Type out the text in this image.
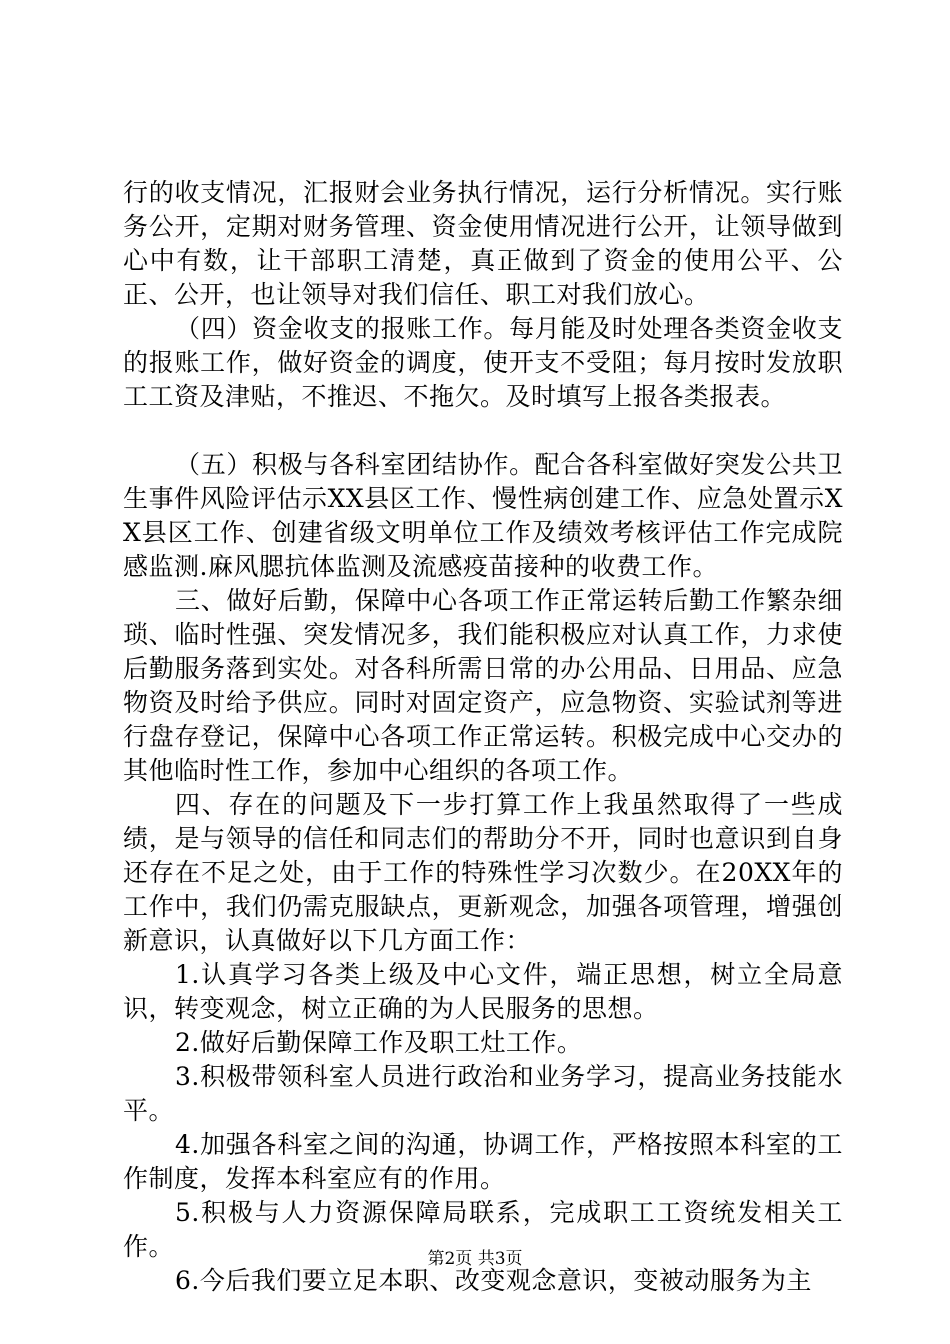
行的收支情况，汇报财会业务执行情况，运行分析情况。实行账务公开，定期对财务管理、资金使用情况进行公开，让领导做到心中有数，让干部职工清楚，真正做到了资金的使用公平、公正、公开，也让领导对我们信任、职工对我们放心。

（四）资金收支的报账工作。每月能及时处理各类资金收支的报账工作，做好资金的调度，使开支不受阻；每月按时发放职工工资及津贴，不推迟、不拖欠。及时填写上报各类报表。

（五）积极与各科室团结协作。配合各科室做好突发公共卫生事件风险评估示XX县区工作、慢性病创建工作、应急处置示XX县区工作、创建省级文明单位工作及绩效考核评估工作完成院感监测.麻风腮抗体监测及流感疫苗接种的收费工作。

三、做好后勤，保障中心各项工作正常运转后勤工作繁杂细琐、临时性强、突发情况多，我们能积极应对认真工作，力求使后勤服务落到实处。对各科所需日常的办公用品、日用品、应急物资及时给予供应。同时对固定资产，应急物资、实验试剂等进行盘存登记，保障中心各项工作正常运转。积极完成中心交办的其他临时性工作，参加中心组织的各项工作。

四、存在的问题及下一步打算工作上我虽然取得了一些成绩，是与领导的信任和同志们的帮助分不开，同时也意识到自身还存在不足之处，由于工作的特殊性学习次数少。在20XX年的工作中，我们仍需克服缺点，更新观念，加强各项管理，增强创新意识，认真做好以下几方面工作：

1.认真学习各类上级及中心文件，端正思想，树立全局意识，转变观念，树立正确的为人民服务的思想。

2.做好后勤保障工作及职工灶工作。

3.积极带领科室人员进行政治和业务学习，提高业务技能水平。

4.加强各科室之间的沟通，协调工作，严格按照本科室的工作制度，发挥本科室应有的作用。

5.积极与人力资源保障局联系，完成职工工资统发相关工作。

6.今后我们要立足本职、改变观念意识，变被动服务为主

第2页 共3页
